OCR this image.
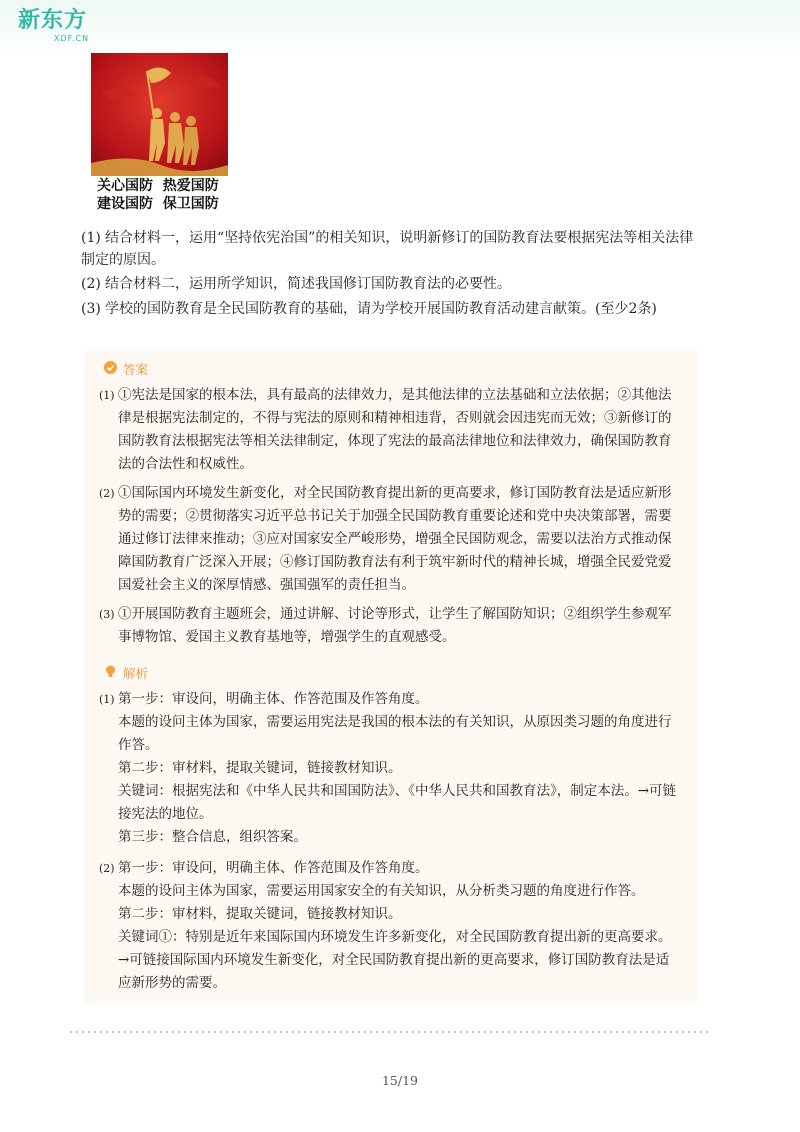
新东方
XDF.CN
关心国防  热爱国防
建设国防  保卫国防
(1) 结合材料一，运用“坚持依宪治国”的相关知识，说明新修订的国防教育法要根据宪法等相关法律制定的原因。
(2) 结合材料二，运用所学知识，简述我国修订国防教育法的必要性。
(3) 学校的国防教育是全民国防教育的基础，请为学校开展国防教育活动建言献策。(至少2条)
答案
(1) ①宪法是国家的根本法，具有最高的法律效力，是其他法律的立法基础和立法依据；②其他法律是根据宪法制定的，不得与宪法的原则和精神相违背，否则就会因违宪而无效；③新修订的国防教育法根据宪法等相关法律制定，体现了宪法的最高法律地位和法律效力，确保国防教育法的合法性和权威性。
(2) ①国际国内环境发生新变化，对全民国防教育提出新的更高要求，修订国防教育法是适应新形势的需要；②贯彻落实习近平总书记关于加强全民国防教育重要论述和党中央决策部署，需要通过修订法律来推动；③应对国家安全严峻形势，增强全民国防观念，需要以法治方式推动保障国防教育广泛深入开展；④修订国防教育法有利于筑牢新时代的精神长城，增强全民爱党爱国爱社会主义的深厚情感、强国强军的责任担当。
(3) ①开展国防教育主题班会，通过讲解、讨论等形式，让学生了解国防知识；②组织学生参观军事博物馆、爱国主义教育基地等，增强学生的直观感受。
解析
(1) 第一步：审设问，明确主体、作答范围及作答角度。
本题的设问主体为国家，需要运用宪法是我国的根本法的有关知识，从原因类习题的角度进行作答。
第二步：审材料，提取关键词，链接教材知识。
关键词：根据宪法和《中华人民共和国国防法》、《中华人民共和国教育法》，制定本法。→可链接宪法的地位。
第三步：整合信息，组织答案。
(2) 第一步：审设问，明确主体、作答范围及作答角度。
本题的设问主体为国家，需要运用国家安全的有关知识，从分析类习题的角度进行作答。
第二步：审材料，提取关键词，链接教材知识。
关键词①：特别是近年来国际国内环境发生许多新变化，对全民国防教育提出新的更高要求。→可链接国际国内环境发生新变化，对全民国防教育提出新的更高要求，修订国防教育法是适应新形势的需要。
15/19
